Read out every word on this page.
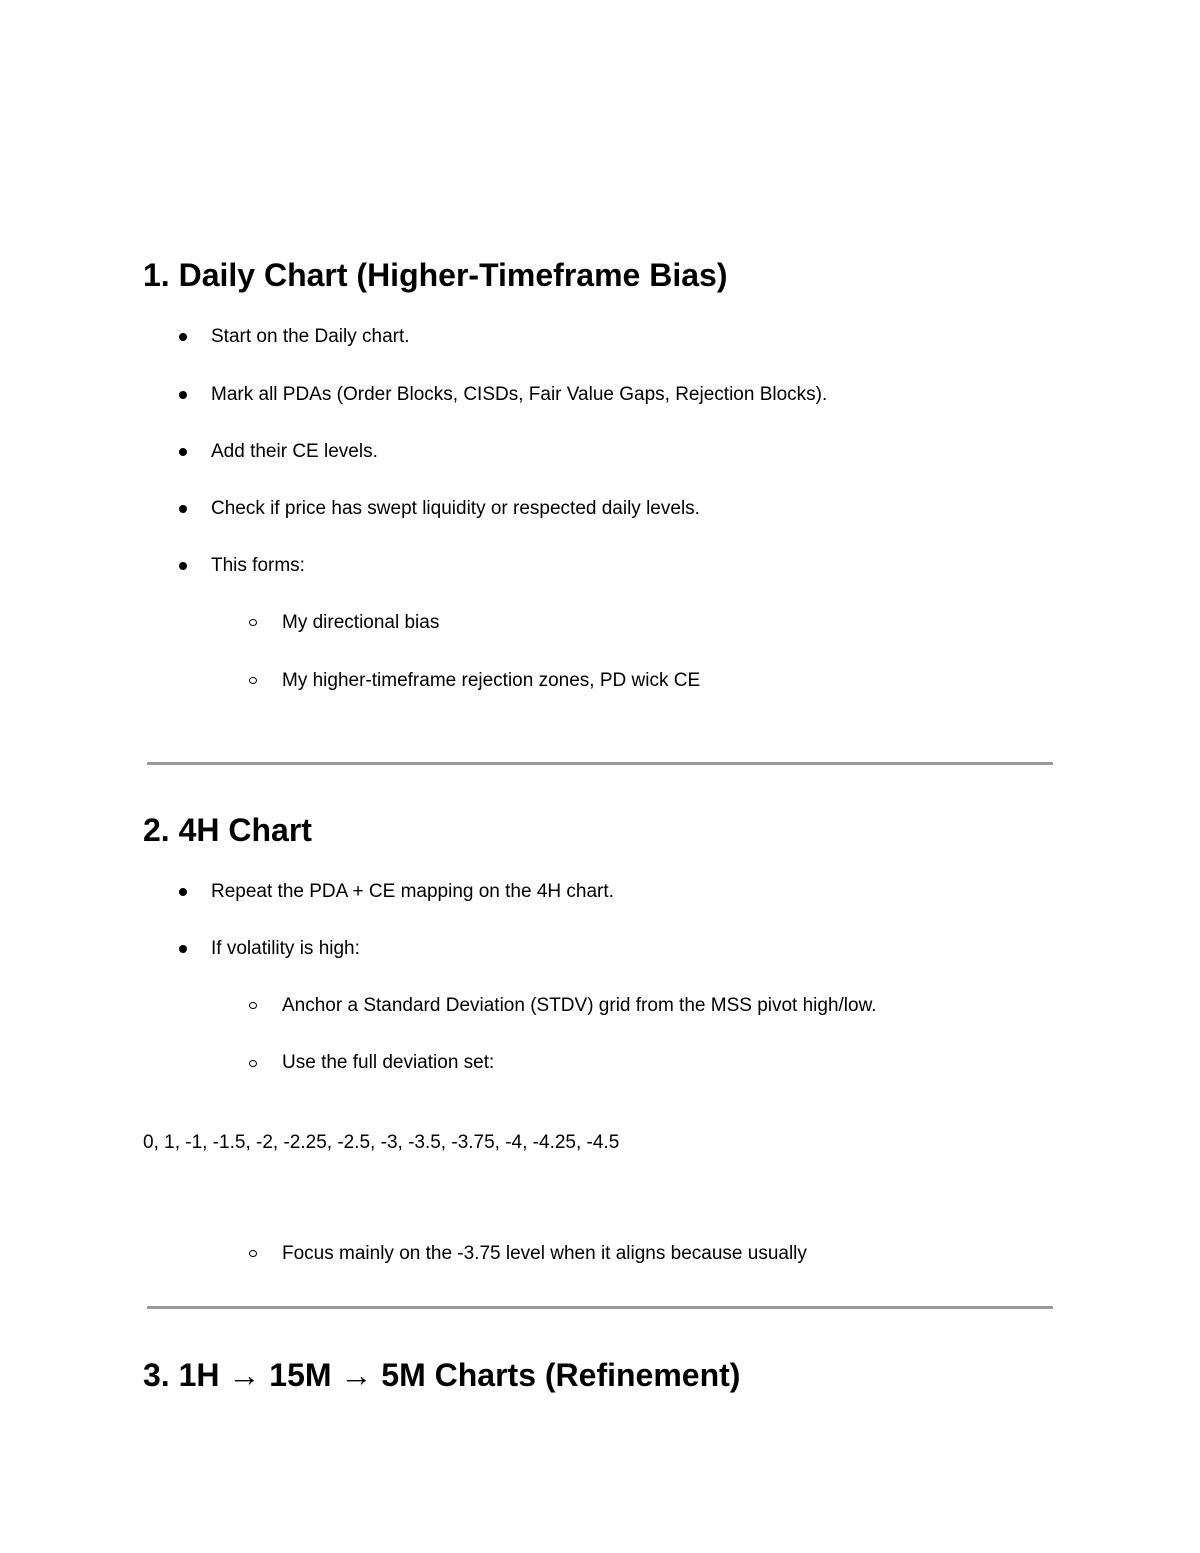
1. Daily Chart (Higher-Timeframe Bias)
Start on the Daily chart.
Mark all PDAs (Order Blocks, CISDs, Fair Value Gaps, Rejection Blocks).
Add their CE levels.
Check if price has swept liquidity or respected daily levels.
This forms:
My directional bias
My higher-timeframe rejection zones, PD wick CE
2. 4H Chart
Repeat the PDA + CE mapping on the 4H chart.
If volatility is high:
Anchor a Standard Deviation (STDV) grid from the MSS pivot high/low.
Use the full deviation set:
0, 1, -1, -1.5, -2, -2.25, -2.5, -3, -3.5, -3.75, -4, -4.25, -4.5
Focus mainly on the -3.75 level when it aligns because usually
3. 1H → 15M → 5M Charts (Refinement)
